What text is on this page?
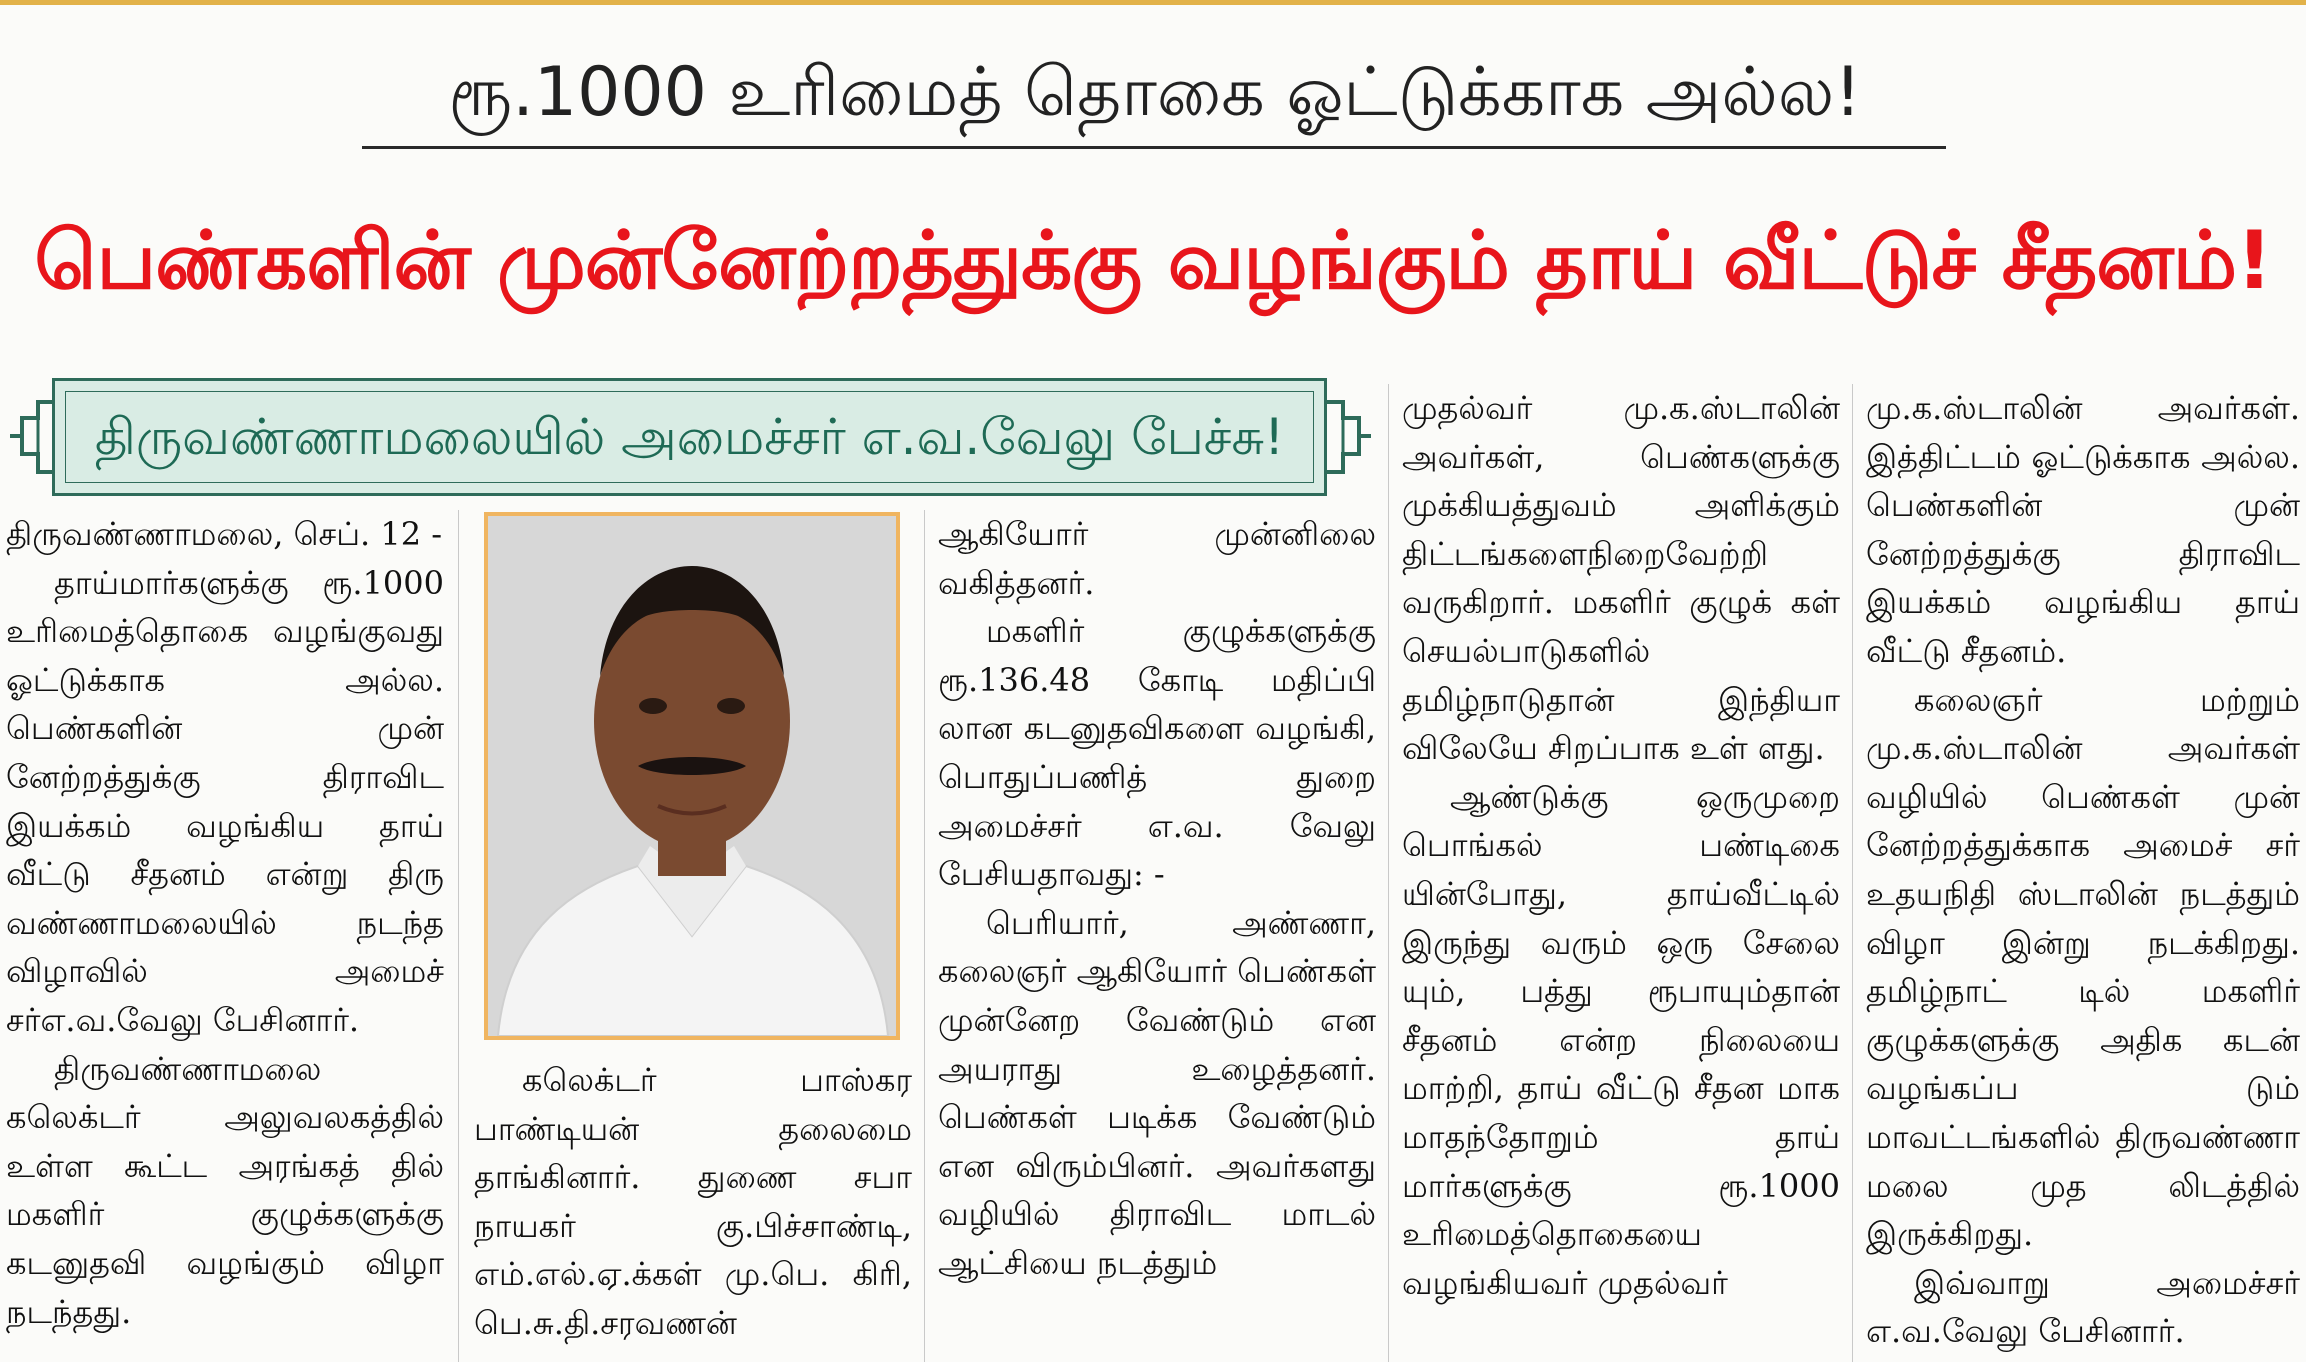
ரூ.1000 உரிமைத் தொகை ஓட்டுக்காக அல்ல!
பெண்களின் முன்னேற்றத்துக்கு வழங்கும் தாய் வீட்டுச் சீதனம்!
திருவண்ணாமலையில் அமைச்சர் எ.வ.வேலு பேச்சு!

திருவண்ணாமலை, செப். 12 -

தாய்மார்களுக்கு ரூ.1000 உரிமைத்தொகை வழங்குவது ஓட்டுக்காக அல்ல. பெண்களின் முன் னேற்றத்துக்கு திராவிட இயக்கம் வழங்கிய தாய் வீட்டு சீதனம் என்று திரு வண்ணாமலையில் நடந்த விழாவில் அமைச் சர்எ.வ.வேலு பேசினார்.

திருவண்ணாமலை கலெக்டர் அலுவலகத்தில் உள்ள கூட்ட அரங்கத் தில் மகளிர் குழுக்களுக்கு கடனுதவி வழங்கும் விழா நடந்தது.

கலெக்டர் பாஸ்கர பாண்டியன் தலைமை தாங்கினார். துணை சபா நாயகர் கு.பிச்சாண்டி, எம்.எல்.ஏ.க்கள் மு.பெ. கிரி, பெ.சு.தி.சரவணன்

ஆகியோர் முன்னிலை வகித்தனர்.

மகளிர் குழுக்களுக்கு ரூ.136.48 கோடி மதிப்பி லான கடனுதவிகளை வழங்கி, பொதுப்பணித் துறை அமைச்சர் எ.வ. வேலு பேசியதாவது: -

பெரியார், அண்ணா, கலைஞர் ஆகியோர் பெண்கள் முன்னேற வேண்டும் என அயராது உழைத்தனர். பெண்கள் படிக்க வேண்டும் என விரும்பினர். அவர்களது வழியில் திராவிட மாடல் ஆட்சியை நடத்தும்

முதல்வர் மு.க.ஸ்டாலின் அவர்கள், பெண்களுக்கு முக்கியத்துவம் அளிக்கும் திட்டங்களைநிறைவேற்றி வருகிறார். மகளிர் குழுக் கள் செயல்பாடுகளில் தமிழ்நாடுதான் இந்தியா விலேயே சிறப்பாக உள் ளது.

ஆண்டுக்கு ஒருமுறை பொங்கல் பண்டிகை யின்போது, தாய்வீட்டில் இருந்து வரும் ஒரு சேலை யும், பத்து ரூபாயும்தான் சீதனம் என்ற நிலையை மாற்றி, தாய் வீட்டு சீதன மாக மாதந்தோறும் தாய் மார்களுக்கு ரூ.1000 உரிமைத்தொகையை வழங்கியவர் முதல்வர்

மு.க.ஸ்டாலின் அவர்கள். இத்திட்டம் ஓட்டுக்காக அல்ல. பெண்களின் முன் னேற்றத்துக்கு திராவிட இயக்கம் வழங்கிய தாய் வீட்டு சீதனம்.

கலைஞர் மற்றும் மு.க.ஸ்டாலின் அவர்கள் வழியில் பெண்கள் முன் னேற்றத்துக்காக அமைச் சர் உதயநிதி ஸ்டாலின் நடத்தும் விழா இன்று நடக்கிறது. தமிழ்நாட் டில் மகளிர் குழுக்களுக்கு அதிக கடன் வழங்கப்ப டும் மாவட்டங்களில் திருவண்ணா மலை முத லிடத்தில் இருக்கிறது.

இவ்வாறு அமைச்சர் எ.வ.வேலு பேசினார்.
